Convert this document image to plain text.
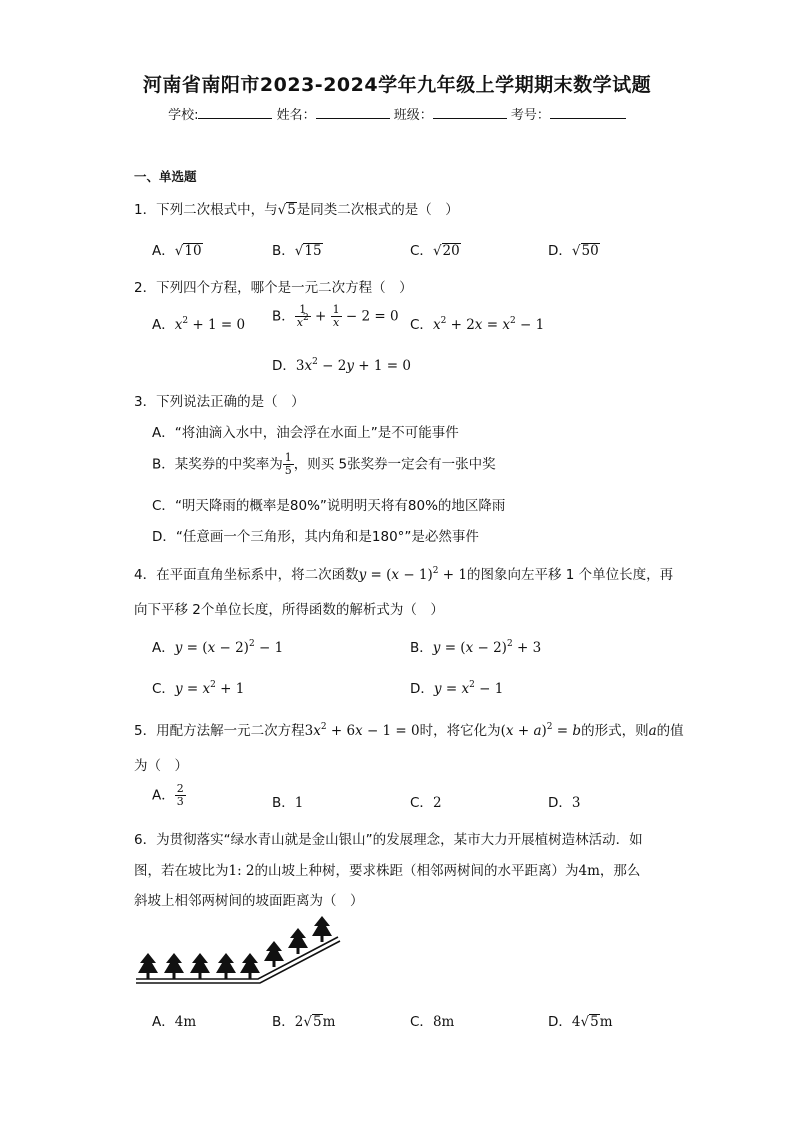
河南省南阳市2023-2024学年九年级上学期期末数学试题
学校:	姓名：	班级：	考号：
一、单选题
1．下列二次根式中，与√5是同类二次根式的是（　）
A．√10	B．√15	C．√20	D．√50
2．下列四个方程，哪个是一元二次方程（　）
A．$x^2 + 1 = 0$
B． $\frac{1}{x^2} + \frac{1}{x} - 2 = 0$
C．$x^2 + 2x = x^2 - 1$
D．$3x^2 - 2y + 1 = 0$
3．下列说法正确的是（　）
A．“将油滴入水中，油会浮在水面上”是不可能事件
B．某奖券的中奖率为 $\frac{1}{5}$ ，则买 5张奖券一定会有一张中奖
C．“明天降雨的概率是80%”说明明天将有80%的地区降雨
D．“任意画一个三角形，其内角和是180°”是必然事件
4．在平面直角坐标系中，将二次函数$y = (x - 1)^2 + 1$的图象向左平移 1 个单位长度，再
向下平移 2个单位长度，所得函数的解析式为（　）
A．$y = (x - 2)^2 - 1$	B．$y = (x - 2)^2 + 3$
C．$y = x^2 + 1$	D．$y = x^2 - 1$
5．用配方法解一元二次方程$3x^2 + 6x - 1 = 0$时，将它化为$(x + a)^2 = b$的形式，则a的值
为（　）
A． $\frac{2}{3}$	B．1	C．2	D．3
6．为贯彻落实“绿水青山就是金山银山”的发展理念，某市大力开展植树造林活动．如
图，若在坡比为1: 2的山坡上种树，要求株距（相邻两树间的水平距离）为4m，那么
斜坡上相邻两树间的坡面距离为（　）
A．4m	B．2√5m	C．8m	D．4√5m
